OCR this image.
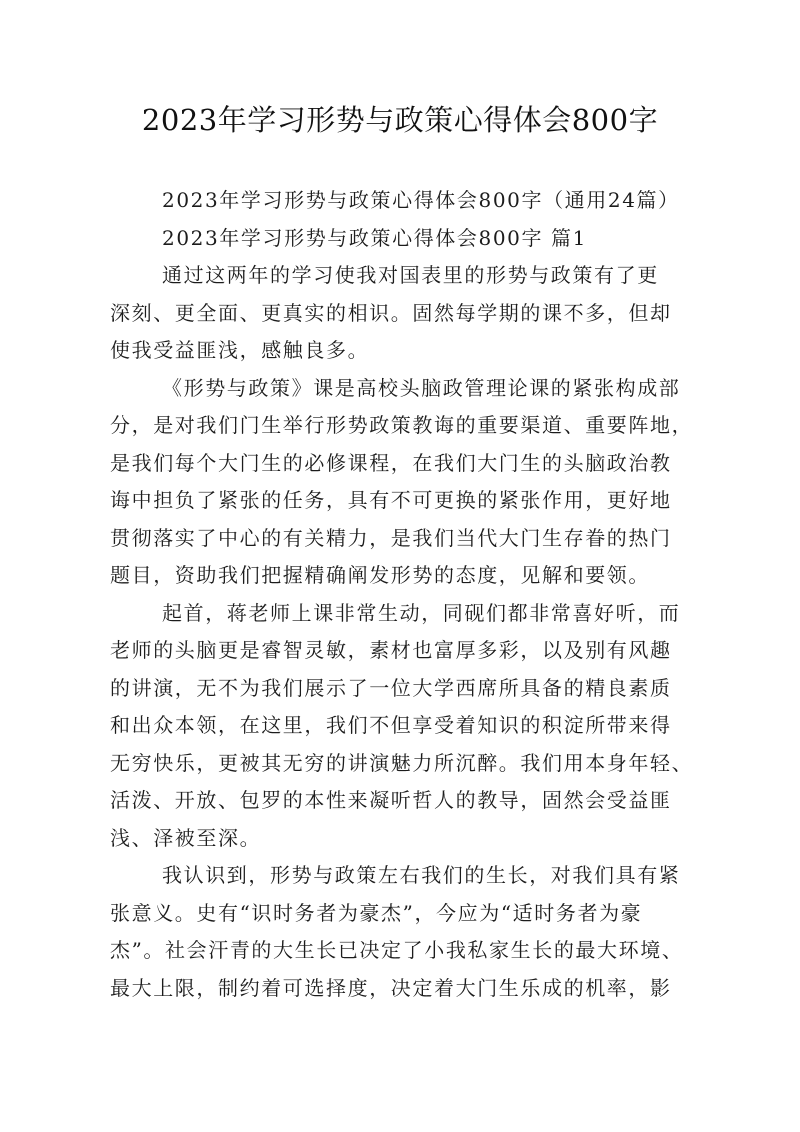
2023年学习形势与政策心得体会800字
2023年学习形势与政策心得体会800字（通用24篇）
2023年学习形势与政策心得体会800字 篇1
通过这两年的学习使我对国表里的形势与政策有了更
深刻、更全面、更真实的相识。固然每学期的课不多，但却
使我受益匪浅，感触良多。
《形势与政策》课是高校头脑政管理论课的紧张构成部
分，是对我们门生举行形势政策教诲的重要渠道、重要阵地，
是我们每个大门生的必修课程，在我们大门生的头脑政治教
诲中担负了紧张的任务，具有不可更换的紧张作用，更好地
贯彻落实了中心的有关精力，是我们当代大门生存眷的热门
题目，资助我们把握精确阐发形势的态度，见解和要领。
起首，蒋老师上课非常生动，同砚们都非常喜好听，而
老师的头脑更是睿智灵敏，素材也富厚多彩，以及别有风趣
的讲演，无不为我们展示了一位大学西席所具备的精良素质
和出众本领，在这里，我们不但享受着知识的积淀所带来得
无穷快乐，更被其无穷的讲演魅力所沉醉。我们用本身年轻、
活泼、开放、包罗的本性来凝听哲人的教导，固然会受益匪
浅、泽被至深。
我认识到，形势与政策左右我们的生长，对我们具有紧
张意义。史有“识时务者为豪杰”，今应为“适时务者为豪
杰”。社会汗青的大生长已决定了小我私家生长的最大环境、
最大上限，制约着可选择度，决定着大门生乐成的机率，影
